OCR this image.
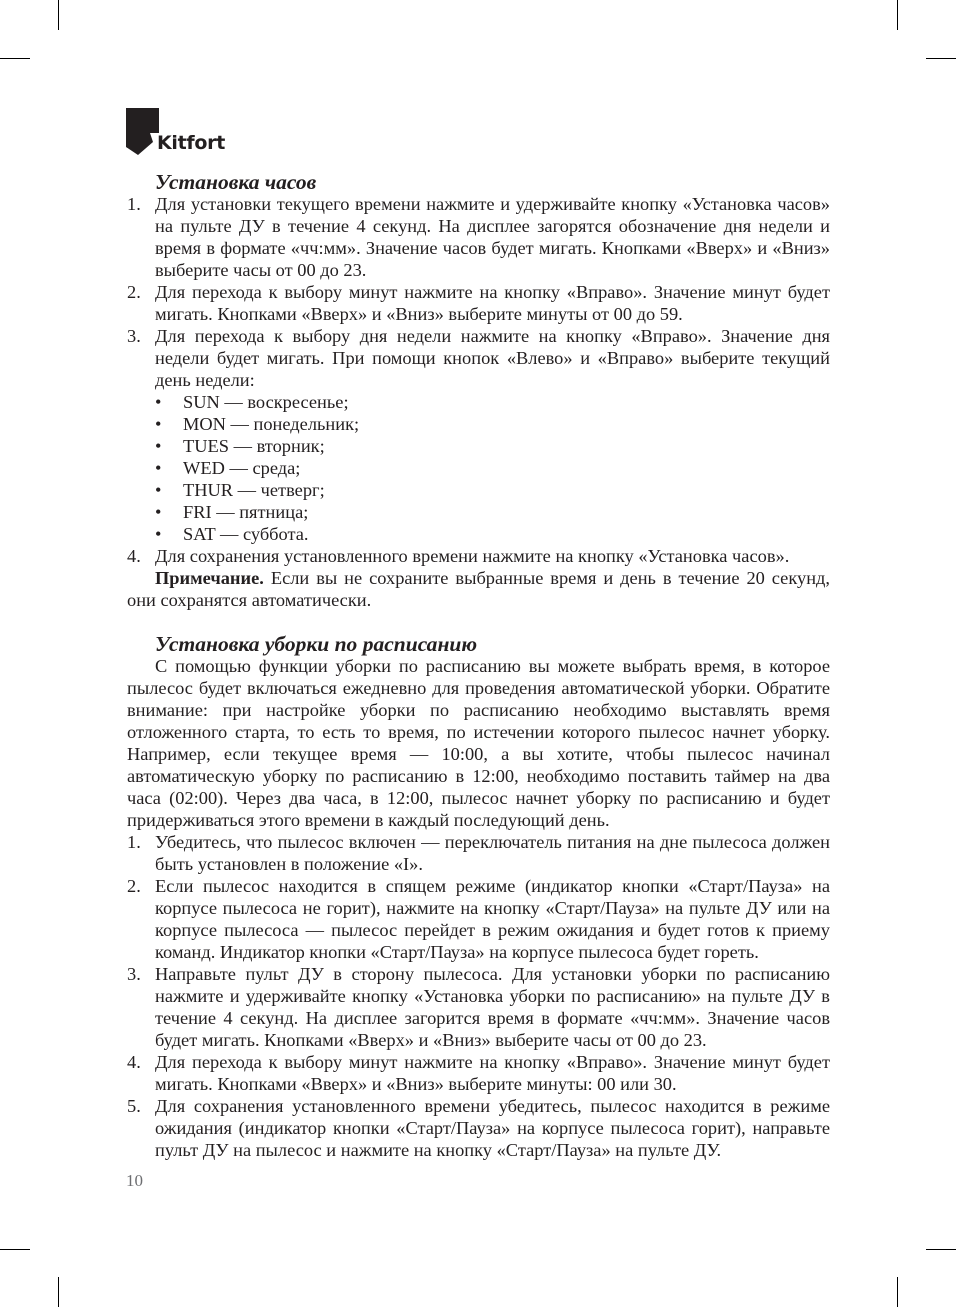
Kitfort
Установка часов
1. Для установки текущего времени нажмите и удерживайте кнопку «Установка часов» на пульте ДУ в течение 4 секунд. На дисплее загорятся обозначение дня недели и время в формате «чч:мм». Значение часов будет мигать. Кнопками «Вверх» и «Вниз» выберите часы от 00 до 23.
2. Для перехода к выбору минут нажмите на кнопку «Вправо». Значение минут будет мигать. Кнопками «Вверх» и «Вниз» выберите минуты от 00 до 59.
3. Для перехода к выбору дня недели нажмите на кнопку «Вправо». Значение дня недели будет мигать. При помощи кнопок «Влево» и «Вправо» выберите текущий день недели:
• SUN — воскресенье;
• MON — понедельник;
• TUES — вторник;
• WED — среда;
• THUR — четверг;
• FRI — пятница;
• SAT — суббота.
4. Для сохранения установленного времени нажмите на кнопку «Установка часов».

Примечание. Если вы не сохраните выбранные время и день в течение 20 секунд, они сохранятся автоматически.

Установка уборки по расписанию

С помощью функции уборки по расписанию вы можете выбрать время, в которое пылесос будет включаться ежедневно для проведения автоматической уборки. Обратите внимание: при настройке уборки по расписанию необходимо выставлять время отложенного старта, то есть то время, по истечении которого пылесос начнет уборку. Например, если текущее время — 10:00, а вы хотите, чтобы пылесос начинал автоматическую уборку по расписанию в 12:00, необходимо поставить таймер на два часа (02:00). Через два часа, в 12:00, пылесос начнет уборку по расписанию и будет придерживаться этого времени в каждый последующий день.

1. Убедитесь, что пылесос включен — переключатель питания на дне пылесоса должен быть установлен в положение «I».
2. Если пылесос находится в спящем режиме (индикатор кнопки «Старт/Пауза» на корпусе пылесоса не горит), нажмите на кнопку «Старт/Пауза» на пульте ДУ или на корпусе пылесоса — пылесос перейдет в режим ожидания и будет готов к приему команд. Индикатор кнопки «Старт/Пауза» на корпусе пылесоса будет гореть.
3. Направьте пульт ДУ в сторону пылесоса. Для установки уборки по расписанию нажмите и удерживайте кнопку «Установка уборки по расписанию» на пульте ДУ в течение 4 секунд. На дисплее загорится время в формате «чч:мм». Значение часов будет мигать. Кнопками «Вверх» и «Вниз» выберите часы от 00 до 23.
4. Для перехода к выбору минут нажмите на кнопку «Вправо». Значение минут будет мигать. Кнопками «Вверх» и «Вниз» выберите минуты: 00 или 30.
5. Для сохранения установленного времени убедитесь, пылесос находится в режиме ожидания (индикатор кнопки «Старт/Пауза» на корпусе пылесоса горит), направьте пульт ДУ на пылесос и нажмите на кнопку «Старт/Пауза» на пульте ДУ.
10
